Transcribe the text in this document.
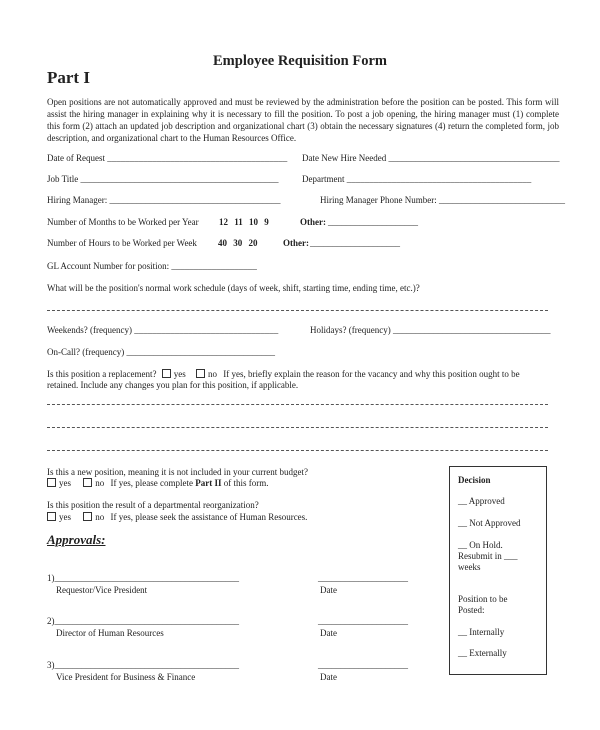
Employee Requisition Form
Part I
Open positions are not automatically approved and must be reviewed by the administration before the position can be posted. This form will assist the hiring manager in explaining why it is necessary to fill the position. To post a job opening, the hiring manager must (1) complete this form (2) attach an updated job description and organizational chart (3) obtain the necessary signatures (4) return the completed form, job description, and organizational chart to the Human Resources Office.
Date of Request ________________________________________ Date New Hire Needed ______________________________________
Job Title ____________________________________________	Department _________________________________________
Hiring Manager: ______________________________________	Hiring Manager Phone Number: ____________________________
Number of Months to be Worked per Year 12 11 10 9	Other: ____________________
Number of Hours to be Worked per Week 40 30 20	Other: ____________________
GL Account Number for position: ___________________
What will be the position's normal work schedule (days of week, shift, starting time, ending time, etc.)?
Weekends? (frequency) ________________________________	Holidays? (frequency) ___________________________________
On-Call? (frequency) _________________________________
Is this position a replacement? yes no If yes, briefly explain the reason for the vacancy and why this position ought to be
retained. Include any changes you plan for this position, if applicable.
Is this a new position, meaning it is not included in your current budget?
yes	no If yes, please complete Part II of this form.
Is this position the result of a departmental reorganization?
yes	no If yes, please seek the assistance of Human Resources.
Approvals:
1)_________________________________________
Requestor/Vice President
____________________
Date
2)_________________________________________
Director of Human Resources
____________________
Date
3)_________________________________________
Vice President for Business & Finance
____________________
Date
Decision
__ Approved
__ Not Approved
__ On Hold.
Resubmit in ___
weeks
Position to be
Posted:
__ Internally
__ Externally
